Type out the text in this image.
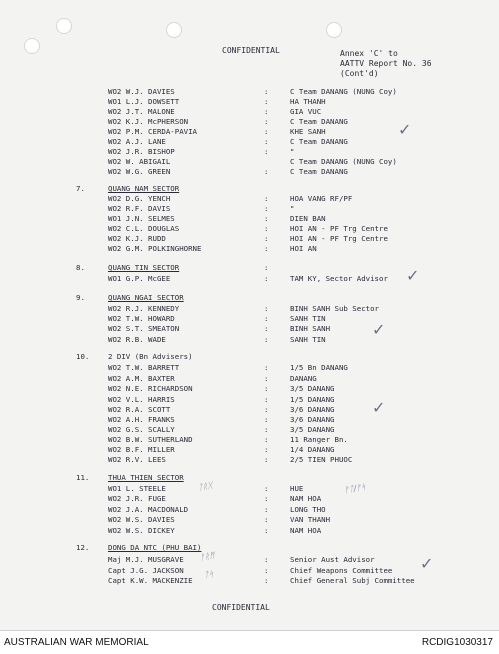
CONFIDENTIAL	Annex 'C' to
AATTV Report No. 36
(Cont'd)
WO2 W.J. DAVIES	:	C Team DANANG (NUNG Coy)
WO1 L.J. DOWSETT	:	HA THANH
WO2 J.T. MALONE	:	GIA VUC
WO2 K.J. McPHERSON	:	C Team DANANG
WO2 P.M. CERDA-PAVIA	:	KHE SANH
WO2 A.J. LANE	:	C Team DANANG
WO2 J.R. BISHOP	:	"
WO2 W. ABIGAIL	C Team DANANG (NUNG Coy)
WO2 W.G. GREEN	:	C Team DANANG
7.	QUANG NAM SECTOR
WO2 D.G. YENCH	:	HOA VANG RF/PF
WO2 R.F. DAVIS	:	"
WO1 J.N. SELMES	:	DIEN BAN
WO2 C.L. DOUGLAS	:	HOI AN - PF Trg Centre
WO2 K.J. RUDD	:	HOI AN - PF Trg Centre
WO2 G.M. POLKINGHORNE	:	HOI AN
8.	QUANG TIN SECTOR	:
WO1 G.P. McGEE	:	TAM KY, Sector Advisor
9.	QUANG NGAI SECTOR
WO2 R.J. KENNEDY	:	BINH SANH Sub Sector
WO2 T.W. HOWARD	:	SANH TIN
WO2 S.T. SMEATON	:	BINH SANH
WO2 R.B. WADE	:	SANH TIN
10.	2 DIV (Bn Advisers)
WO2 T.W. BARRETT	:	1/5 Bn DANANG
WO2 A.M. BAXTER	:	DANANG
WO2 N.E. RICHARDSON	:	3/5 DANANG
WO2 V.L. HARRIS	:	1/5 DANANG
WO2 R.A. SCOTT	:	3/6 DANANG
WO2 A.H. FRANKS	:	3/6 DANANG
WO2 G.S. SCALLY	:	3/5 DANANG
WO2 B.W. SUTHERLAND	:	11 Ranger Bn.
WO2 B.F. MILLER	:	1/4 DANANG
WO2 R.V. LEES	:	2/5 TIEN PHUOC
11.	THUA THIEN SECTOR
WO1 L. STEELE	:	HUE
WO2 J.R. FUGE	:	NAM HOA
WO2 J.A. MACDONALD	:	LONG THO
WO2 W.S. DAVIES	:	VAN THANH
WO2 W.S. DICKEY	:	NAM HOA
12.	DONG DA NTC (PHU BAI)
Maj M.J. MUSGRAVE	:	Senior Aust Advisor
Capt J.G. JACKSON	:	Chief Weapons Committee
Capt K.W. MACKENZIE	:	Chief General Subj Committee
✓
✓
✓
✓
✓
ᚠᛏ/ᚠᛋ
ᛏᚱᚷ
ᚨᚱᛗ
ᛏᛋ
CONFIDENTIAL
AUSTRALIAN WAR MEMORIAL	RCDIG1030317
